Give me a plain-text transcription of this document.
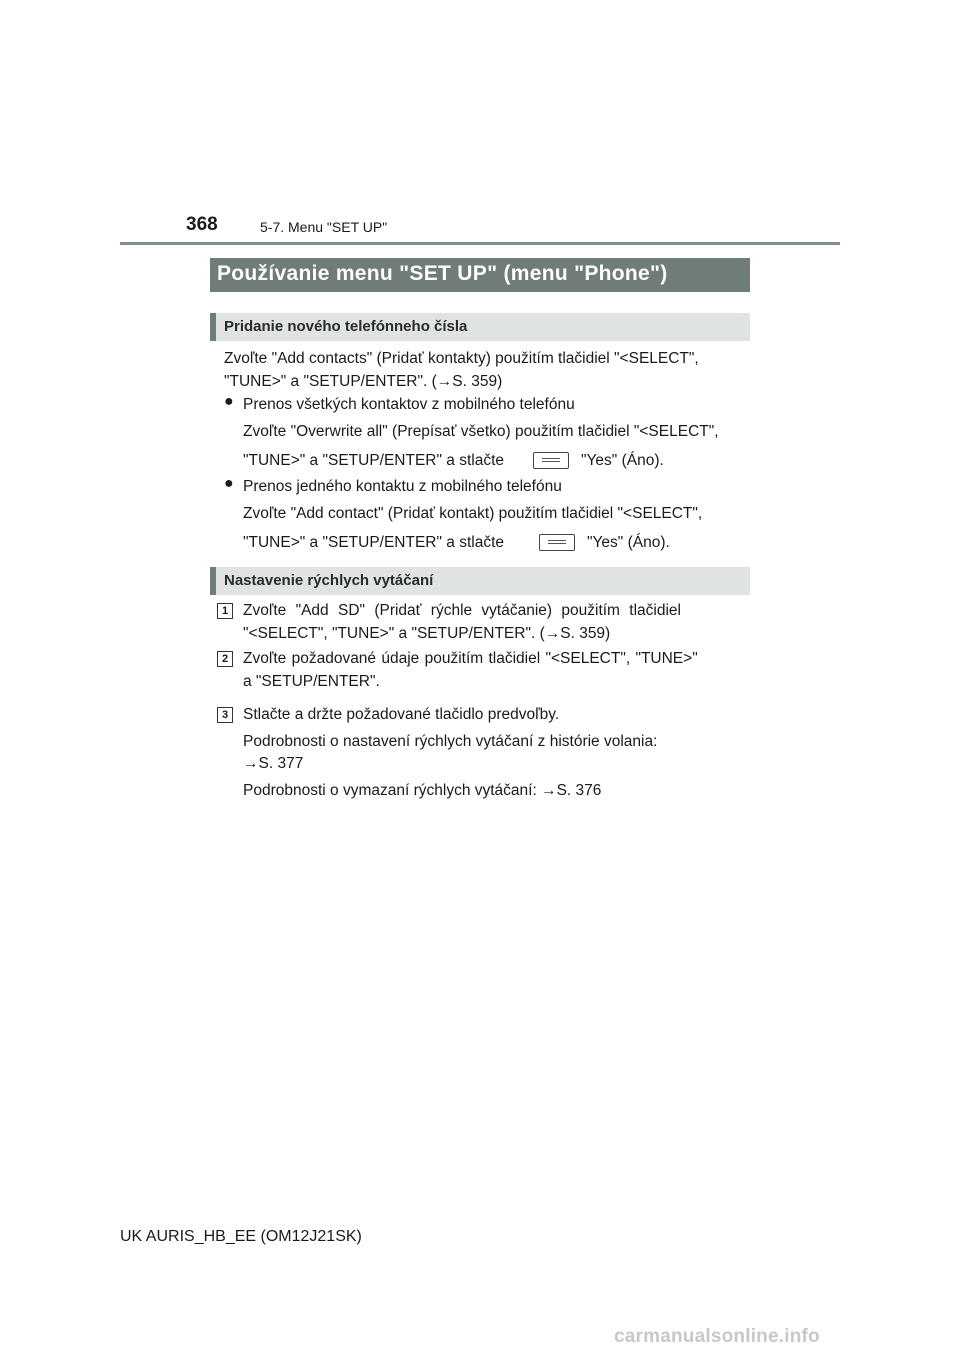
368	5-7. Menu "SET UP"
Používanie menu "SET UP" (menu "Phone")
Pridanie nového telefónneho čísla
Zvoľte "Add contacts" (Pridať kontakty) použitím tlačidiel "<SELECT",
"TUNE>" a "SETUP/ENTER". (→S. 359)
● Prenos všetkých kontaktov z mobilného telefónu
Zvoľte "Overwrite all" (Prepísať všetko) použitím tlačidiel "<SELECT",
"TUNE>" a "SETUP/ENTER" a stlačte	"Yes" (Áno).
● Prenos jedného kontaktu z mobilného telefónu
Zvoľte "Add contact" (Pridať kontakt) použitím tlačidiel "<SELECT",
"TUNE>" a "SETUP/ENTER" a stlačte	"Yes" (Áno).
Nastavenie rýchlych vytáčaní
1 Zvoľte "Add SD" (Pridať rýchle vytáčanie) použitím tlačidiel
"<SELECT", "TUNE>" a "SETUP/ENTER". (→S. 359)
2 Zvoľte požadované údaje použitím tlačidiel "<SELECT", "TUNE>"
a "SETUP/ENTER".
3 Stlačte a držte požadované tlačidlo predvoľby.
Podrobnosti o nastavení rýchlych vytáčaní z histórie volania:
→S. 377
Podrobnosti o vymazaní rýchlych vytáčaní: →S. 376
UK AURIS_HB_EE (OM12J21SK)
carmanualsonline.info
